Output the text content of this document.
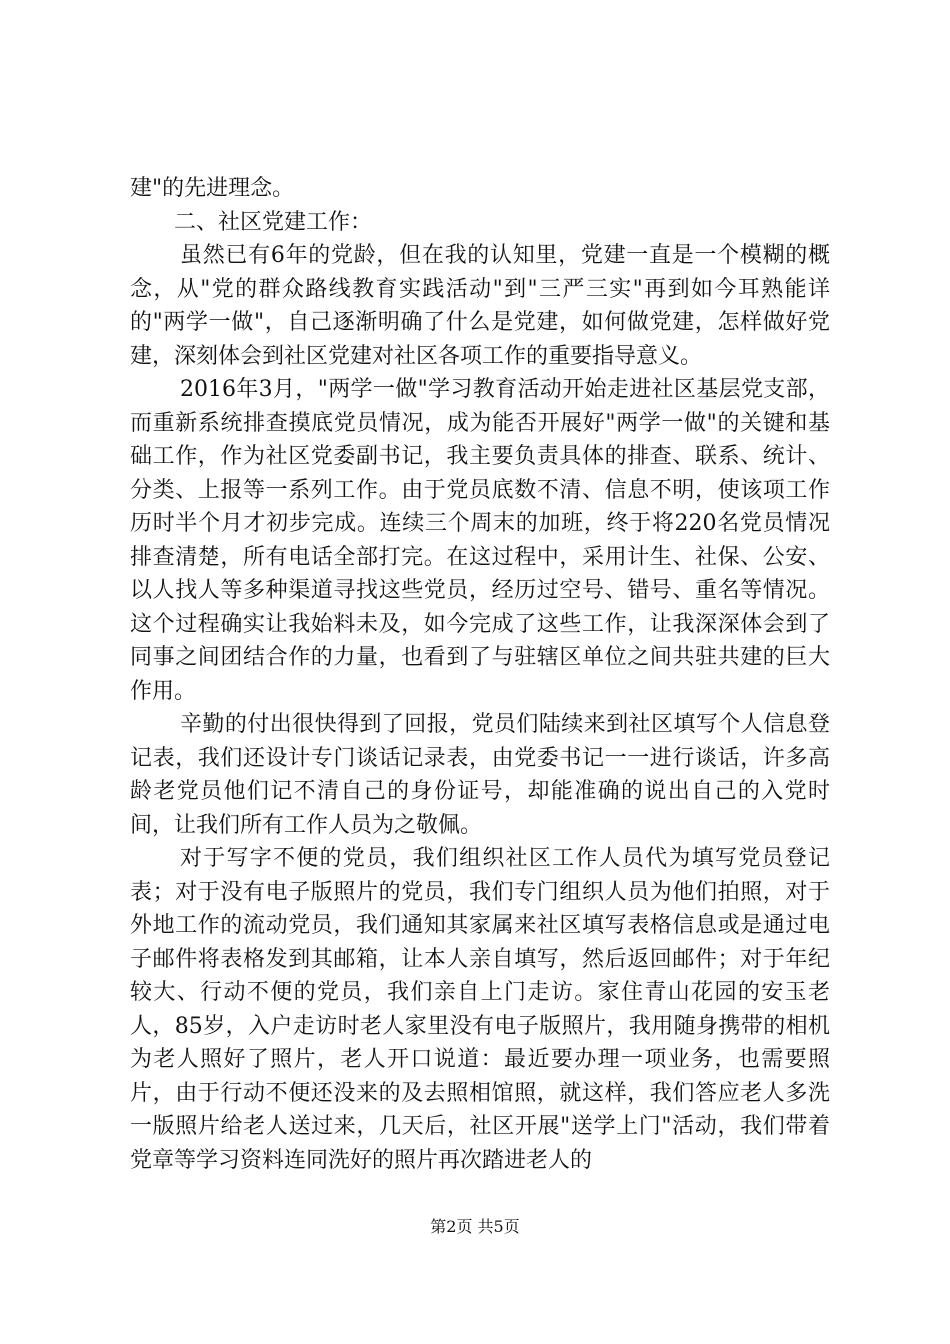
建"的先进理念。

二、社区党建工作：

虽然已有6年的党龄，但在我的认知里，党建一直是一个模糊的概念，从"党的群众路线教育实践活动"到"三严三实"再到如今耳熟能详的"两学一做"，自己逐渐明确了什么是党建，如何做党建，怎样做好党建，深刻体会到社区党建对社区各项工作的重要指导意义。

2016年3月，"两学一做"学习教育活动开始走进社区基层党支部，而重新系统排查摸底党员情况，成为能否开展好"两学一做"的关键和基础工作，作为社区党委副书记，我主要负责具体的排查、联系、统计、分类、上报等一系列工作。由于党员底数不清、信息不明，使该项工作历时半个月才初步完成。连续三个周末的加班，终于将220名党员情况排查清楚，所有电话全部打完。在这过程中，采用计生、社保、公安、以人找人等多种渠道寻找这些党员，经历过空号、错号、重名等情况。这个过程确实让我始料未及，如今完成了这些工作，让我深深体会到了同事之间团结合作的力量，也看到了与驻辖区单位之间共驻共建的巨大作用。

辛勤的付出很快得到了回报，党员们陆续来到社区填写个人信息登记表，我们还设计专门谈话记录表，由党委书记一一进行谈话，许多高龄老党员他们记不清自己的身份证号，却能准确的说出自己的入党时间，让我们所有工作人员为之敬佩。

对于写字不便的党员，我们组织社区工作人员代为填写党员登记表；对于没有电子版照片的党员，我们专门组织人员为他们拍照，对于外地工作的流动党员，我们通知其家属来社区填写表格信息或是通过电子邮件将表格发到其邮箱，让本人亲自填写，然后返回邮件；对于年纪较大、行动不便的党员，我们亲自上门走访。家住青山花园的安玉老人，85岁，入户走访时老人家里没有电子版照片，我用随身携带的相机为老人照好了照片，老人开口说道：最近要办理一项业务，也需要照片，由于行动不便还没来的及去照相馆照，就这样，我们答应老人多洗一版照片给老人送过来，几天后，社区开展"送学上门"活动，我们带着党章等学习资料连同洗好的照片再次踏进老人的

第2页 共5页
